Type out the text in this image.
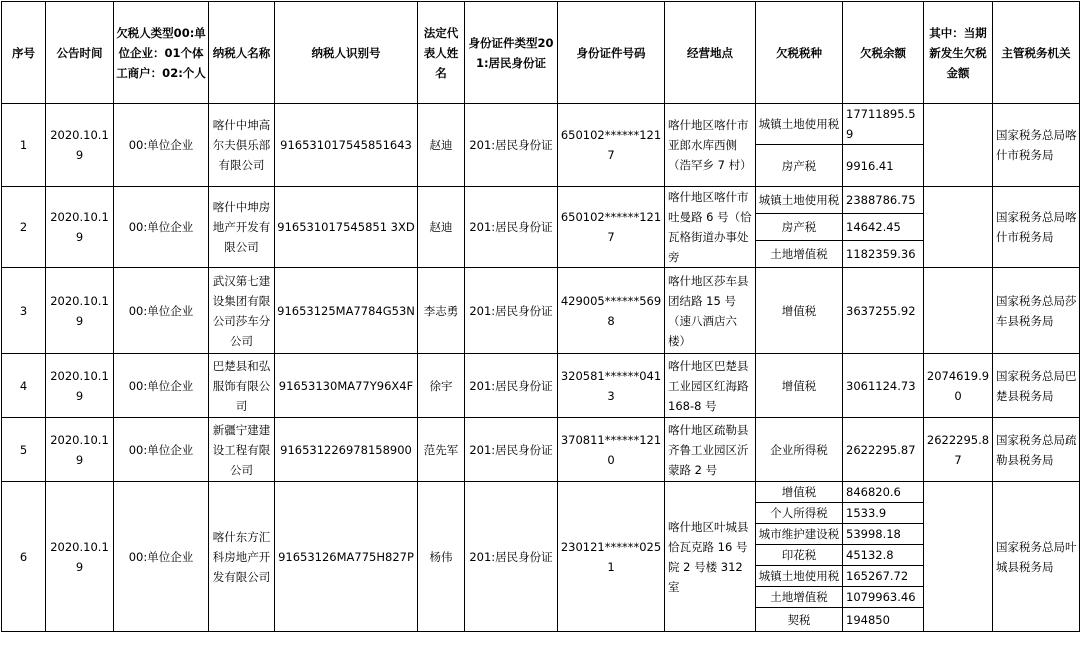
序号	公告时间	欠税人类型00:单位企业：01个体工商户：02:个人	纳税人名称	纳税人识别号	法定代表人姓名	身份证件类型201:居民身份证	身份证件号码	经营地点	欠税税种	欠税余额	其中：当期新发生欠税金额	主管税务机关
1	2020.10.19	00:单位企业	喀什中坤高尔夫俱乐部有限公司	916531017545851643	赵迪	201:居民身份证	650102******1217	喀什地区喀什市亚郎水库西侧（浩罕乡 7 村）	城镇土地使用税	17711895.59		国家税务总局喀什市税务局
									房产税	9916.41		
2	2020.10.19	00:单位企业	喀什中坤房地产开发有限公司	916531017545851 3XD	赵迪	201:居民身份证	650102******1217	喀什地区喀什市吐曼路 6 号（恰瓦格街道办事处旁	城镇土地使用税	2388786.75		国家税务总局喀什市税务局
									房产税	14642.45		
									土地增值税	1182359.36		
3	2020.10.19	00:单位企业	武汉第七建设集团有限公司莎车分公司	91653125MA7784G53N	李志勇	201:居民身份证	429005******5698	喀什地区莎车县团结路 15 号（速八酒店六楼）	增值税	3637255.92		国家税务总局莎车县税务局
4	2020.10.19	00:单位企业	巴楚县和弘服饰有限公司	91653130MA77Y96X4F	徐宇	201:居民身份证	320581******0413	喀什地区巴楚县工业园区红海路 168-8 号	增值税	3061124.73	2074619.90	国家税务总局巴楚县税务局
5	2020.10.19	00:单位企业	新疆宁建建设工程有限公司	916531226978158900	范先军	201:居民身份证	370811******1210	喀什地区疏勒县齐鲁工业园区沂蒙路 2 号	企业所得税	2622295.87	2622295.87	国家税务总局疏勒县税务局
6	2020.10.19	00:单位企业	喀什东方汇科房地产开发有限公司	91653126MA775H827P	杨伟	201:居民身份证	230121******0251	喀什地区叶城县恰瓦克路 16 号院 2 号楼 312 室	增值税	846820.6		国家税务总局叶城县税务局
									个人所得税	1533.9		
									城市维护建设税	53998.18		
									印花税	45132.8		
									城镇土地使用税	165267.72		
									土地增值税	1079963.46		
									契税	194850		
